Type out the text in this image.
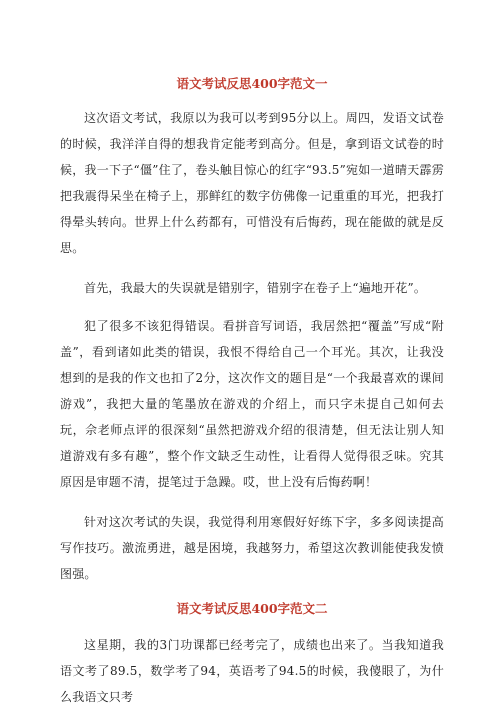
语文考试反思400字范文一

这次语文考试，我原以为我可以考到95分以上。周四，发语文试卷的时候，我洋洋自得的想我肯定能考到高分。但是，拿到语文试卷的时候，我一下子“僵”住了，卷头触目惊心的红字“93.5”宛如一道晴天霹雳把我震得呆坐在椅子上，那鲜红的数字仿佛像一记重重的耳光，把我打得晕头转向。世界上什么药都有，可惜没有后悔药，现在能做的就是反思。

首先，我最大的失误就是错别字，错别字在卷子上“遍地开花”。

犯了很多不该犯得错误。看拼音写词语，我居然把“覆盖”写成“附盖”，看到诸如此类的错误，我恨不得给自己一个耳光。其次，让我没想到的是我的作文也扣了2分，这次作文的题目是“一个我最喜欢的课间游戏”，我把大量的笔墨放在游戏的介绍上，而只字未提自己如何去玩，佘老师点评的很深刻“虽然把游戏介绍的很清楚，但无法让别人知道游戏有多有趣”，整个作文缺乏生动性，让看得人觉得很乏味。究其原因是审题不清，提笔过于急躁。哎，世上没有后悔药啊！

针对这次考试的失误，我觉得利用寒假好好练下字，多多阅读提高写作技巧。激流勇进，越是困境，我越努力，希望这次教训能使我发愤图强。

语文考试反思400字范文二

这星期，我的3门功课都已经考完了，成绩也出来了。当我知道我语文考了89.5，数学考了94，英语考了94.5的时候，我傻眼了，为什么我语文只考
